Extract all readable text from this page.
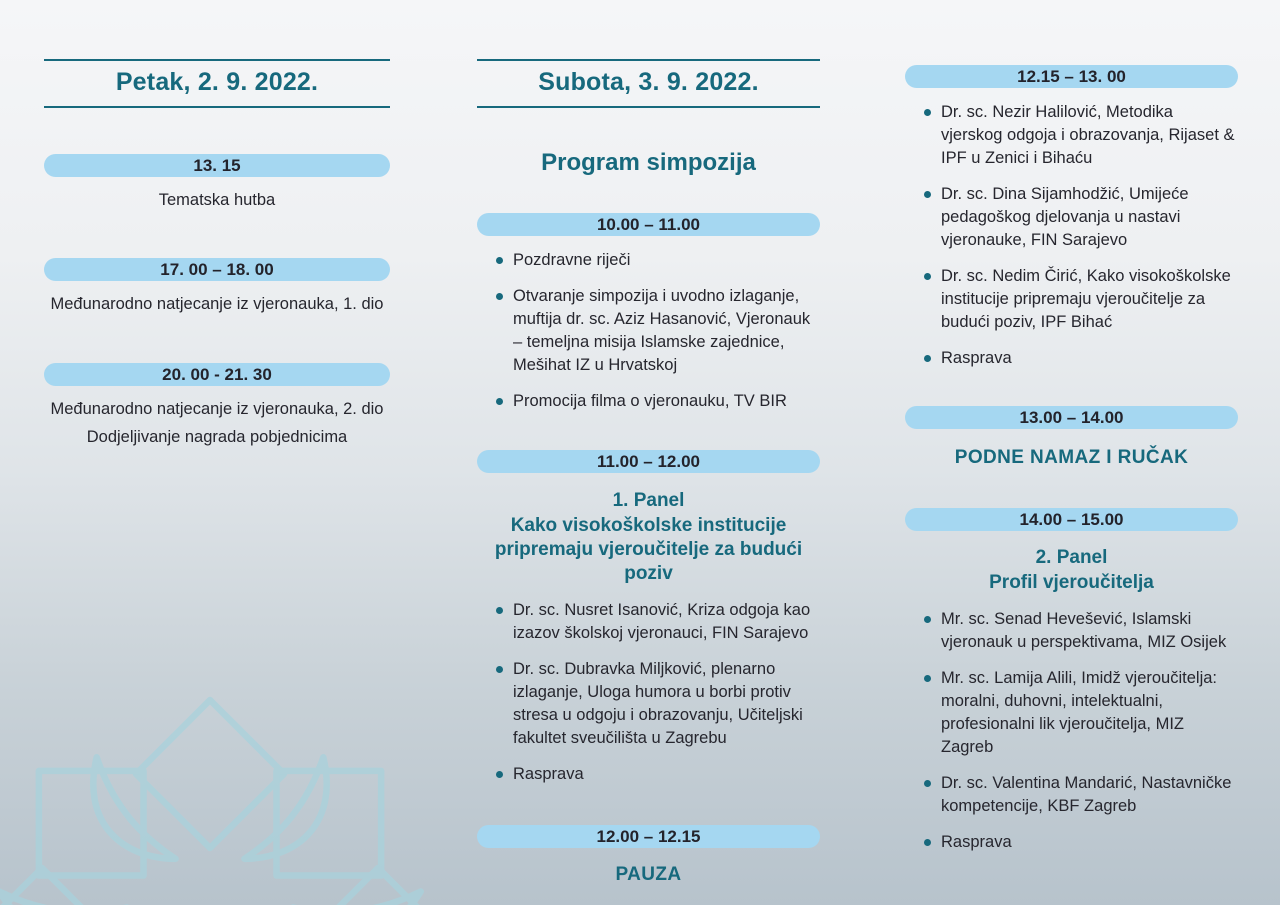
Petak, 2. 9. 2022.
13. 15
Tematska hutba
17. 00 – 18. 00
Međunarodno natjecanje iz vjeronauka, 1. dio
20. 00 - 21. 30
Međunarodno natjecanje iz vjeronauka, 2. dio
Dodjeljivanje nagrada pobjednicima
Subota, 3. 9. 2022.
Program simpozija
10.00 – 11.00
Pozdravne riječi
Otvaranje simpozija i uvodno izlaganje, muftija dr. sc. Aziz Hasanović, Vjeronauk – temeljna misija Islamske zajednice, Mešihat IZ u Hrvatskoj
Promocija filma o vjeronauku, TV BIR
11.00 – 12.00
1. Panel
Kako visokoškolske institucije pripremaju vjeroučitelje za budući poziv
Dr. sc. Nusret Isanović, Kriza odgoja kao izazov školskoj vjeronauci, FIN Sarajevo
Dr. sc. Dubravka Miljković, plenarno izlaganje, Uloga humora u borbi protiv stresa u odgoju i obrazovanju, Učiteljski fakultet sveučilišta u Zagrebu
Rasprava
12.00 – 12.15
PAUZA
12.15 – 13. 00
Dr. sc. Nezir Halilović, Metodika vjerskog odgoja i obrazovanja, Rijaset & IPF u Zenici i Bihaću
Dr. sc. Dina Sijamhodžić, Umijeće pedagoškog djelovanja u nastavi vjeronauke, FIN Sarajevo
Dr. sc. Nedim Čirić, Kako visokoškolske institucije pripremaju vjeroučitelje za budući poziv, IPF Bihać
Rasprava
13.00 – 14.00
PODNE NAMAZ I RUČAK
14.00 – 15.00
2. Panel
Profil vjeroučitelja
Mr. sc. Senad Hevešević, Islamski vjeronauk u perspektivama, MIZ Osijek
Mr. sc. Lamija Alili, Imidž vjeroučitelja: moralni, duhovni, intelektualni, profesionalni lik vjeroučitelja, MIZ Zagreb
Dr. sc. Valentina Mandarić, Nastavničke kompetencije, KBF Zagreb
Rasprava
